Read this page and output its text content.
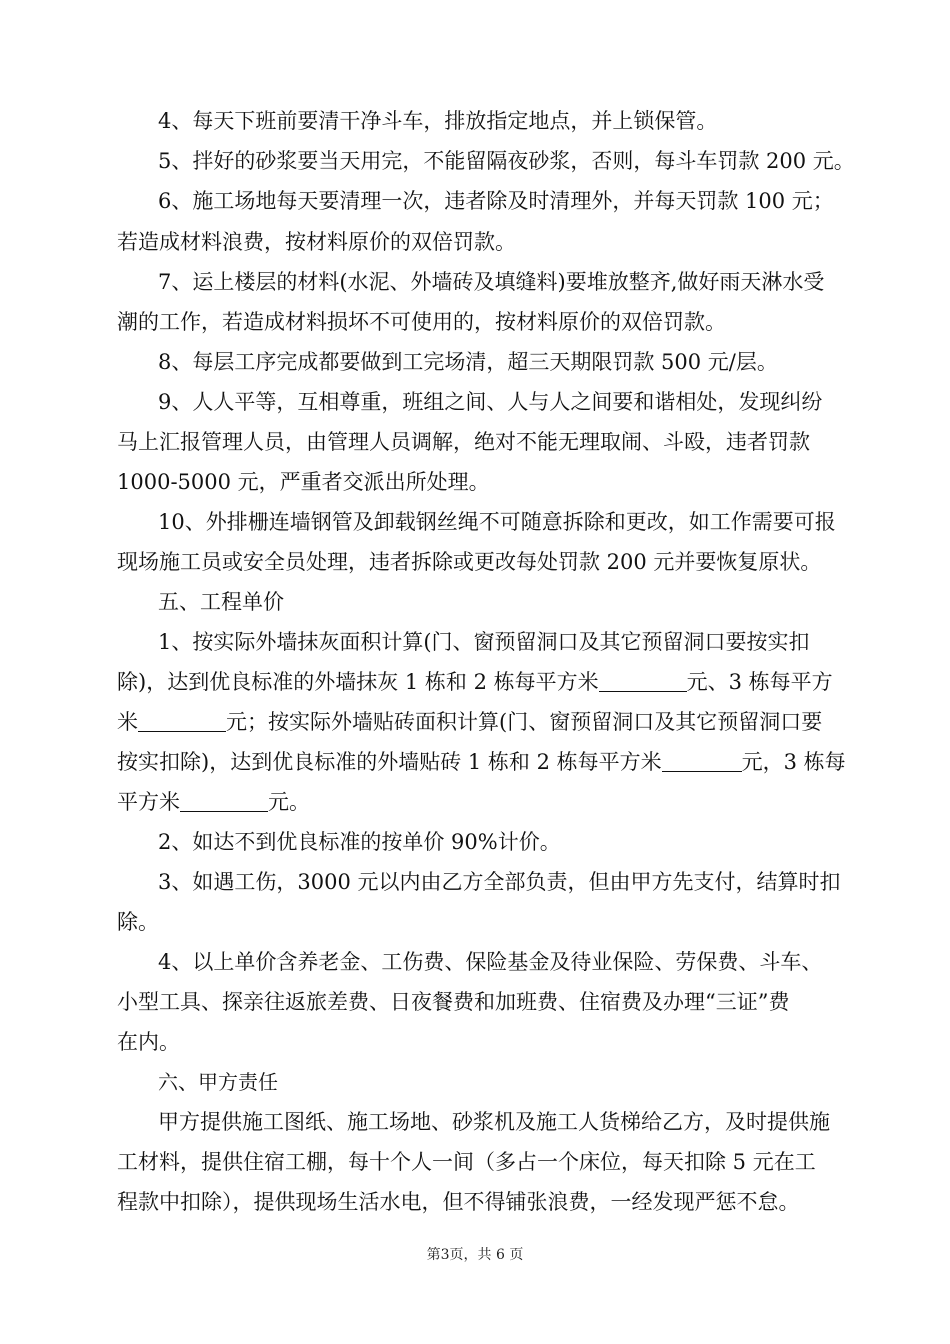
4、每天下班前要清干净斗车，排放指定地点，并上锁保管。
5、拌好的砂浆要当天用完，不能留隔夜砂浆，否则，每斗车罚款 200 元。
6、施工场地每天要清理一次，违者除及时清理外，并每天罚款 100 元；
若造成材料浪费，按材料原价的双倍罚款。
7、运上楼层的材料(水泥、外墙砖及填缝料)要堆放整齐,做好雨天淋水受
潮的工作，若造成材料损坏不可使用的，按材料原价的双倍罚款。
8、每层工序完成都要做到工完场清，超三天期限罚款 500 元/层。
9、人人平等，互相尊重，班组之间、人与人之间要和谐相处，发现纠纷
马上汇报管理人员，由管理人员调解，绝对不能无理取闹、斗殴，违者罚款
1000-5000 元，严重者交派出所处理。
10、外排栅连墙钢管及卸载钢丝绳不可随意拆除和更改，如工作需要可报
现场施工员或安全员处理，违者拆除或更改每处罚款 200 元并要恢复原状。
五、工程单价
1、按实际外墙抹灰面积计算(门、窗预留洞口及其它预留洞口要按实扣
除)，达到优良标准的外墙抹灰 1 栋和 2 栋每平方米	元、3 栋每平方
米	元；按实际外墙贴砖面积计算(门、窗预留洞口及其它预留洞口要
按实扣除)，达到优良标准的外墙贴砖 1 栋和 2 栋每平方米	元，3 栋每
平方米	元。
2、如达不到优良标准的按单价 90%计价。
3、如遇工伤，3000 元以内由乙方全部负责，但由甲方先支付，结算时扣
除。
4、以上单价含养老金、工伤费、保险基金及待业保险、劳保费、斗车、
小型工具、探亲往返旅差费、日夜餐费和加班费、住宿费及办理“三证”费
在内。
六、甲方责任
甲方提供施工图纸、施工场地、砂浆机及施工人货梯给乙方，及时提供施
工材料，提供住宿工棚，每十个人一间（多占一个床位，每天扣除 5 元在工
程款中扣除），提供现场生活水电，但不得铺张浪费，一经发现严惩不怠。
第3页，共 6 页
